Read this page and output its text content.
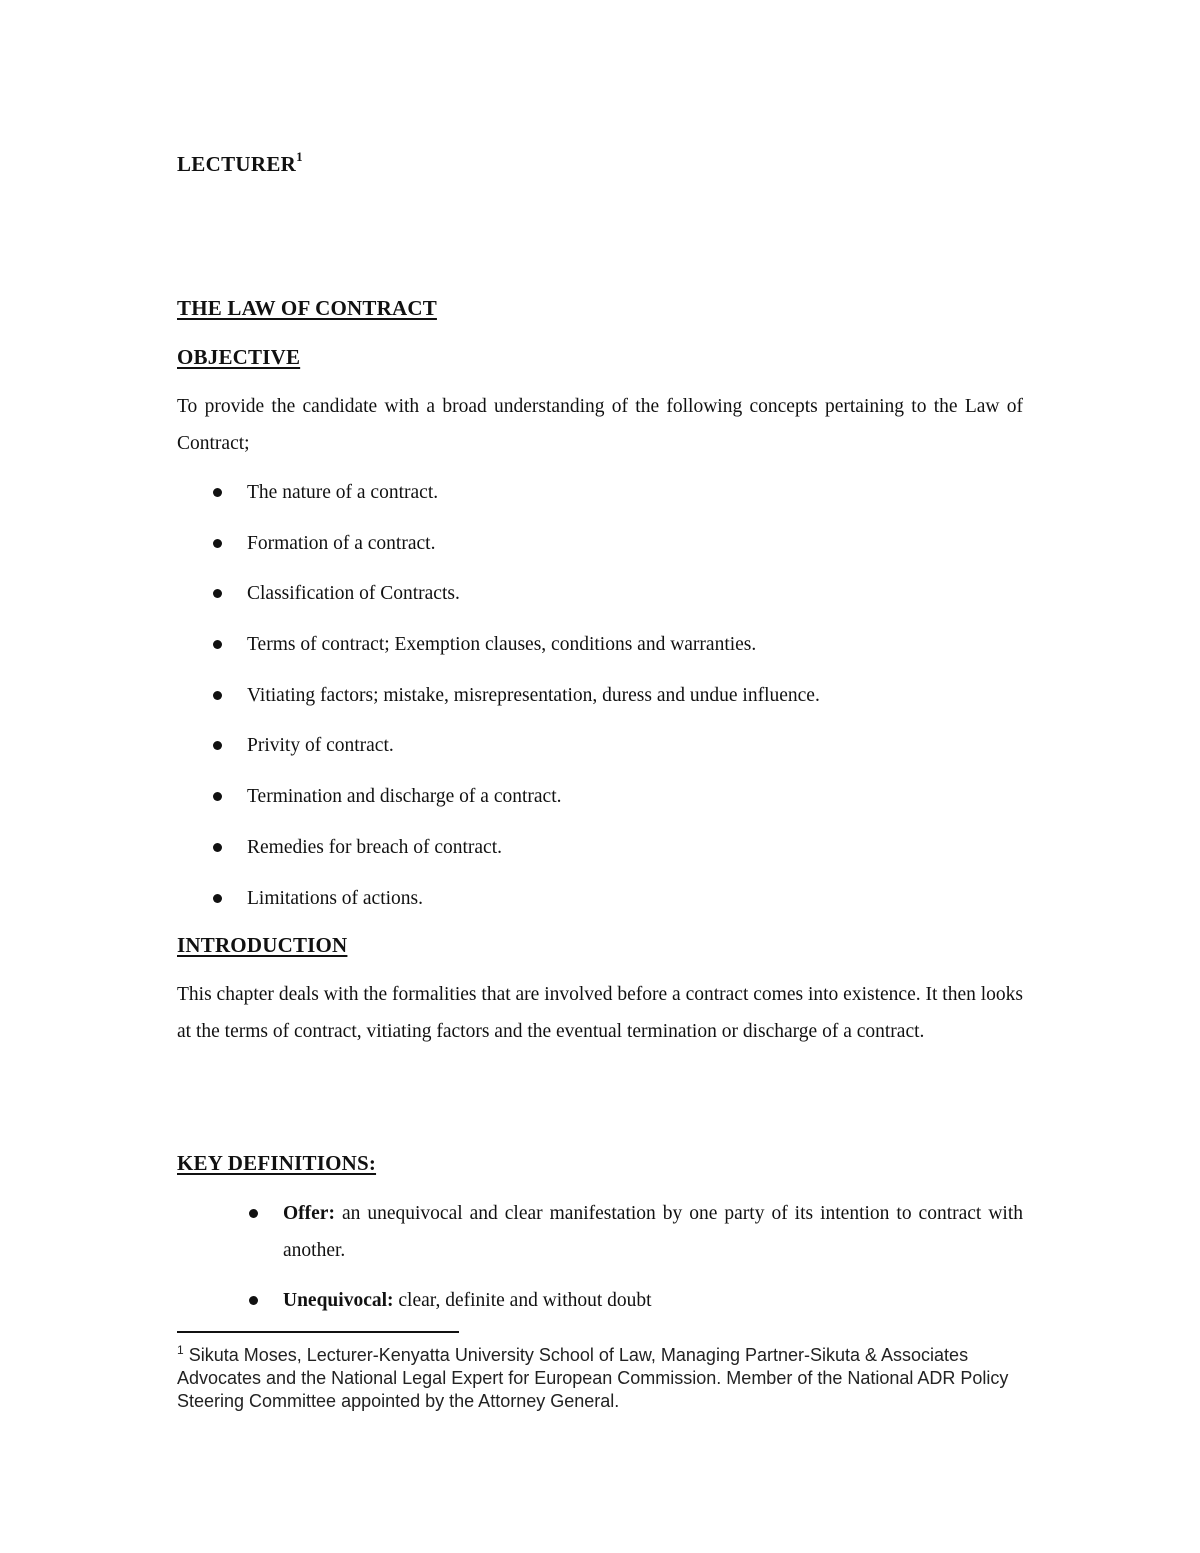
LECTURER$^1$
THE LAW OF CONTRACT
OBJECTIVE
To provide the candidate with a broad understanding of the following concepts pertaining to the Law of Contract;
The nature of a contract.
Formation of a contract.
Classification of Contracts.
Terms of contract; Exemption clauses, conditions and warranties.
Vitiating factors; mistake, misrepresentation, duress and undue influence.
Privity of contract.
Termination and discharge of a contract.
Remedies for breach of contract.
Limitations of actions.
INTRODUCTION
This chapter deals with the formalities that are involved before a contract comes into existence. It then looks at the terms of contract, vitiating factors and the eventual termination or discharge of a contract.
KEY DEFINITIONS:
Offer: an unequivocal and clear manifestation by one party of its intention to contract with another.
Unequivocal: clear, definite and without doubt
$^1$ Sikuta Moses, Lecturer-Kenyatta University School of Law, Managing Partner-Sikuta & Associates Advocates and the National Legal Expert for European Commission. Member of the National ADR Policy Steering Committee appointed by the Attorney General.
